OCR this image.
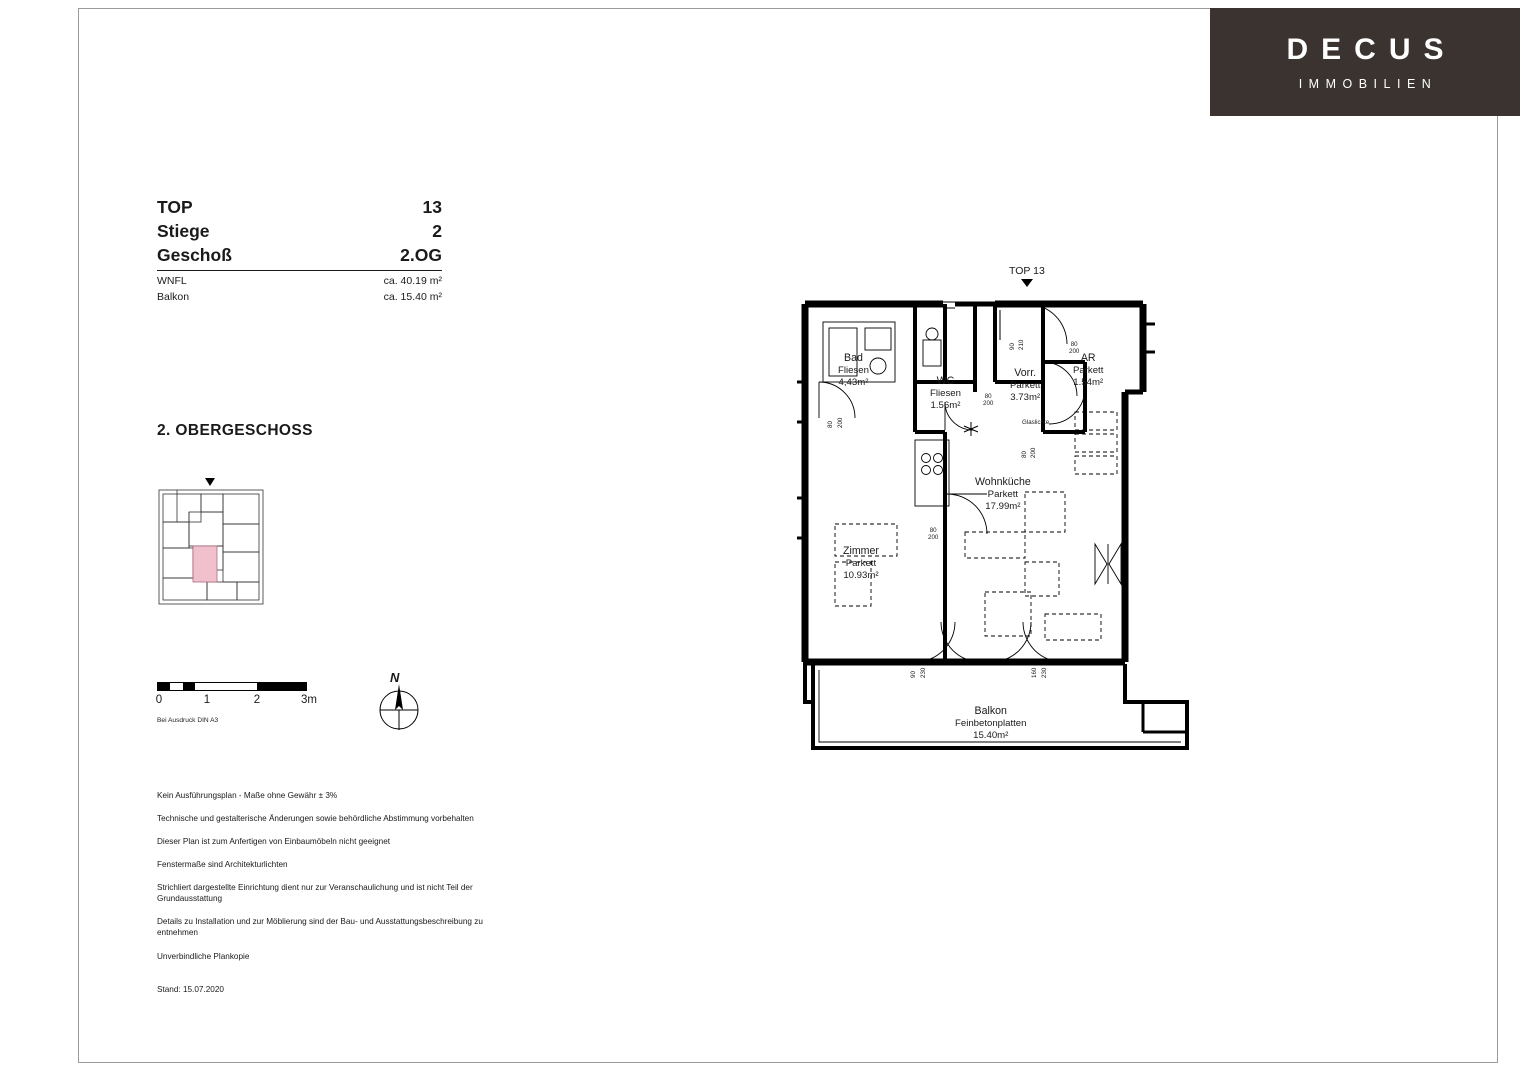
DECUS
IMMOBILIEN
TOP	13
Stiege	2
Geschoß	2.OG
WNFL	ca. 40.19 m²
Balkon	ca. 15.40 m²
2. OBERGESCHOSS
0	1	2	3m
Bei Ausdruck DIN A3
N

Kein Ausführungsplan - Maße ohne Gewähr ± 3%

Technische und gestalterische Änderungen sowie behördliche Abstimmung vorbehalten

Dieser Plan ist zum Anfertigen von Einbaumöbeln nicht geeignet

Fenstermaße sind Architekturlichten

Strichliert dargestellte Einrichtung dient nur zur Veranschaulichung und ist nicht Teil der Grundausstattung

Details zu Installation und zur Möblierung sind der Bau- und Ausstattungsbeschreibung zu entnehmen

Unverbindliche Plankopie

Stand: 15.07.2020

TOP 13
Bad
Fliesen
4,43m²	WC
Fliesen
1.56m²
Vorr.
Parkett
3.73m²
AR
Parkett
1.54m²
Wohnküche
Parkett
17.99m²
Zimmer
Parkett
10.93m²
Balkon
Feinbetonplatten
15.40m²
80
200
80
200
80
200
Glaslichte
80 200
90 210
80 200
90 230	160 230
